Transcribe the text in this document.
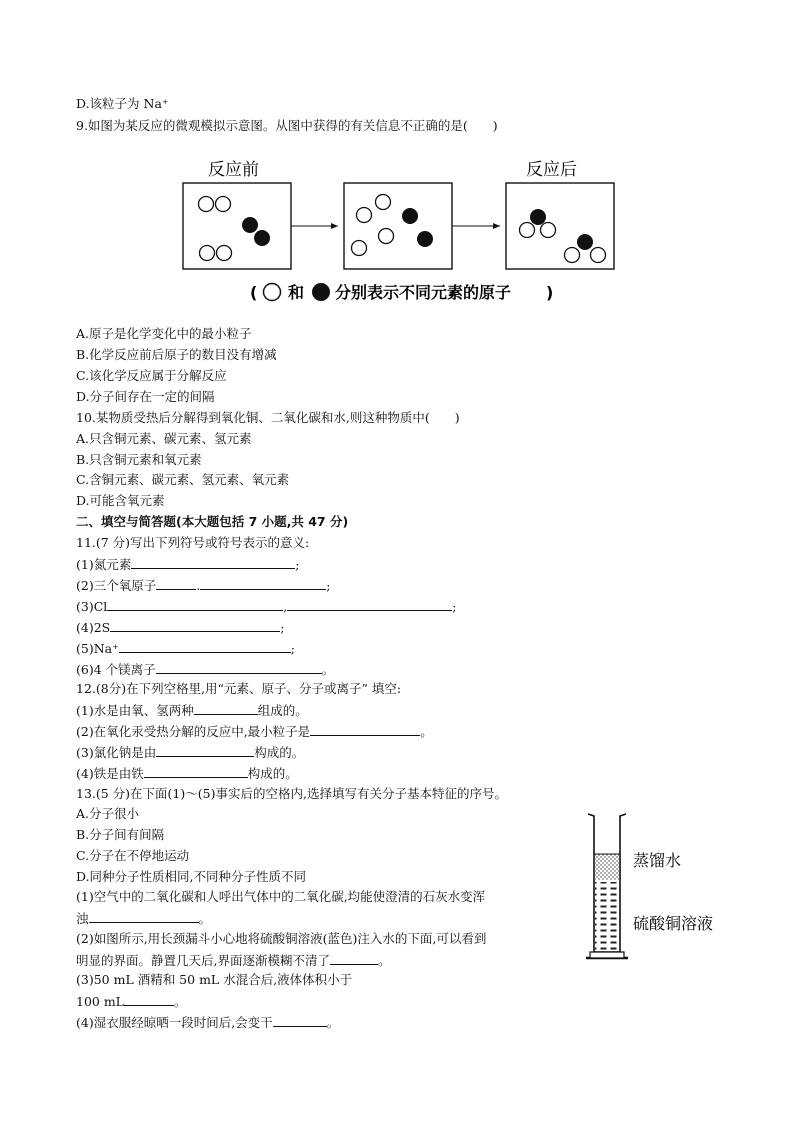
D.该粒子为 Na⁺
9.如图为某反应的微观模拟示意图。从图中获得的有关信息不正确的是(　　)
反应前	反应后
( 和 分别表示不同元素的原子 )
A.原子是化学变化中的最小粒子
B.化学反应前后原子的数目没有增减
C.该化学反应属于分解反应
D.分子间存在一定的间隔
10.某物质受热后分解得到氧化铜、二氧化碳和水,则这种物质中(　　)
A.只含铜元素、碳元素、氢元素
B.只含铜元素和氧元素
C.含铜元素、碳元素、氢元素、氧元素
D.可能含氧元素
二、填空与简答题(本大题包括 7 小题,共 47 分)
11.(7 分)写出下列符号或符号表示的意义:
(1)氮元素	;
(2)三个氧原子	.	;
(3)Cl	,	;
(4)2S	;
(5)Na⁺	;
(6)4 个镁离子	。
12.(8分)在下列空格里,用“元素、原子、分子或离子” 填空:
(1)水是由氧、氢两种	组成的。
(2)在氧化汞受热分解的反应中,最小粒子是	。
(3)氯化钠是由	构成的。
(4)铁是由铁	构成的。
13.(5 分)在下面(1)～(5)事实后的空格内,选择填写有关分子基本特征的序号。
A.分子很小
B.分子间有间隔
C.分子在不停地运动
D.同种分子性质相同,不同种分子性质不同
(1)空气中的二氧化碳和人呼出气体中的二氧化碳,均能使澄清的石灰水变浑
浊	。
(2)如图所示,用长颈漏斗小心地将硫酸铜溶液(蓝色)注入水的下面,可以看到
明显的界面。静置几天后,界面逐渐模糊不清了	。
(3)50 mL 酒精和 50 mL 水混合后,液体体积小于
100 mL	。
(4)湿衣服经晾晒一段时间后,会变干	。
蒸馏水
硫酸铜溶液
